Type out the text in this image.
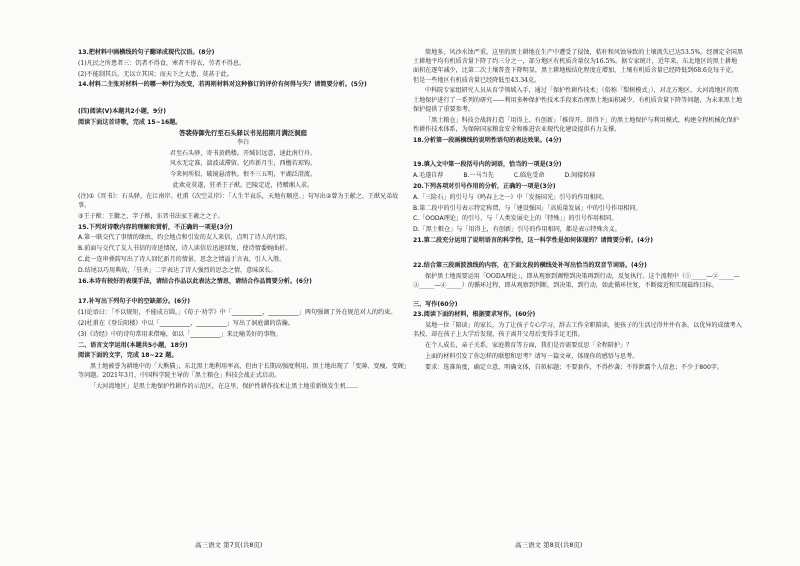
13.把材料中画横线的句子翻译成现代汉语。(8分)

(1)凡民之所患者三：饥者不得食，寒者不得衣，劳者不得息。

(2)不能制其兵，无以立其国；而天下之大患，莫甚于此。

14.材料二主张对材料一的哪一种行为改变，若再则材料对这种修订的评价有何得与失？请简要分析。(5分)

(四)阅读(V)本题共2小题，9分)

阅读下面这首诗歌，完成 15~16题。

答裴侍御先行至石头驿以书见招期月满泛洞庭

李白

君至石头驿，寄书黄鹤楼。开缄识远意，速此南行舟。

风水无定准，湍波或滞留。忆昨新月生，西檐若琼钩。

今来何所似，破镜悬清秋。恨不三五明，平湖泛澄流。

此欢竟莫遂，狂杀王子猷。巴陵定近，持赠湘人求。

(注)①《晋书》：石头驿，在江南岸。杜甫《次空灵岸》：「人生半哀乐，天地有顺逆。」句写出②曾为王献之、王猷兄弟故事。

③王子猷：王徽之，字子猷，东晋书法家王羲之之子。

15.下列对诗歌内容的理解和赏析，不正确的一项是(3分)

A.第一联交代了事情的缘由，约会地点和引发的友人来信，点明了诗人的行踪。

B.前面与交代了友人书信的寄送情况，诗人读信后迅速回复，使诗情委婉曲折。

C.此一连串叠韵写出了诗人回忆新月的情景，思念之情溢于言表，引人入胜。

D.结尾以巧用典故，「狂杀」二字表达了诗人强烈的思念之情，意味深长。

16.本诗有较好的表现手法，请结合作品以此表达之情思，请结合作品简要分析。(6分)

17.补写出下列句子中的空缺部分。(6分)

(1)论语曰：「不以规矩，不能成方圆。」《荀子·劝学》中「__________，__________」两句强调了外在规范对人的约束。

(2)杜甫在《登岳阳楼》中以「__________，__________」写出了洞庭湖的浩瀚。

(3)《诗经》中的诗句常用来借喻，如以「__________」来比喻美好的事物。

二、语言文字运用(本题共5小题，18分)

阅读下面的文字，完成 18~22 题。

黑土地被誉为耕地中的「大熊猫」，东北黑土地利用率高，但由于长期高强度利用，黑土地出现了「变薄、变瘦、变硬」等问题。2021年3月，中国科学院主导的「黑土粮仓」科技会战正式启动。

「大河湾地区」是黑土地保护性耕作的示范区，在这里，保护性耕作技术让黑土地重新焕发生机……

简地多，风沙水蚀严重。这里的黑土耕地在生产中遭受了侵蚀，秸秆和风蚀导致的土壤流失已达53.5%。经测定全国黑土耕地平均有机质含量下降了约三分之一，部分地区有机质含量仅为16.5%。据专家统计，近年来，东北地区的黑土耕地面积在逐年减少，比第二次土壤普查下降明显，黑土耕地板结化程度在增加，土壤有机质含量已经降低到68.6克每千克，但是一些地区有机质含量已经降低至43.34克。

中科院专家组研究人员从育学领域入手，通过「保护性耕作技术」（俗称「梨树模式」），对北方地区，大河湾地区的黑土地保护进行了一系列的研究——利用多种保护性技术手段来治理黑土地面积减少、有机质含量下降等问题，为未来黑土地保护提供了重要参考。

「黑土粮仓」科技会战将打造「用得上、有创新」「推得开、留得下」的黑土地保护与利用模式，构建全程机械化保护性耕作技术体系，为保障国家粮食安全和推进农业现代化建设提供有力支撑。

18.分析第一段画横线的说明性语句的表达效果。(4分)

19.填入文中第一段括号内的词语，恰当的一项是(3分)

A.毛遂自荐	B.一马当先	C.临危受命	D.间接转移

20.下列各项对引号作用的分析，正确的一项是(3分)

A.「三险石」的引号与《鸣春上之一》中「发扬国光」引号的作用相同。

B.第二段中的引号表示特定称谓，与「建设强国」「高质量发展」中的引号作用相同。

C.「OODA理论」的引号，与「人类发展史上的「特殊」」的引号作用相同。

D.「黑土粮仓」与「用得上，有创新」引号的作用相同，都是表示特殊含义。

21.第二段充分运用了说明语言的科学性，这一科学性是如何体现的？请简要分析。(4分)

22.结合第三段画波浪线的内容，在下面文段的横线处补写出恰当的双音节词语。(4分)

保护黑土地需要运用「OODA理论」，即从观察到调整到决策再到行动，反复执行。这个流程中（①_____—②_____—③_____—④_____）的循环过程，即从观察到判断，到决策，到行动，如此循环往复，不断接近和实现最终目标。

三、写作(60分)

23.阅读下面的材料，根据要求写作。(60分)

某地一位「陪读」的家长，为了让孩子专心学习，辞去工作全职陪读，使孩子的生活过得井井有条，以优异的成绩考入名校，却在孩子上大学后发现，孩子离开父母后变得手足无措。

在个人成长，亲子关系，家庭教育等方面，我们是否需要反思「全程陪护」？

上面的材料引发了你怎样的联想和思考？请写一篇文章，体现你的感悟与思考。

要求：选准角度，确定立意，明确文体，自拟标题；不要套作，不得抄袭；不得泄露个人信息；不少于800字。

高三语文 第7页(共8页)	高三语文 第8页(共8页)
